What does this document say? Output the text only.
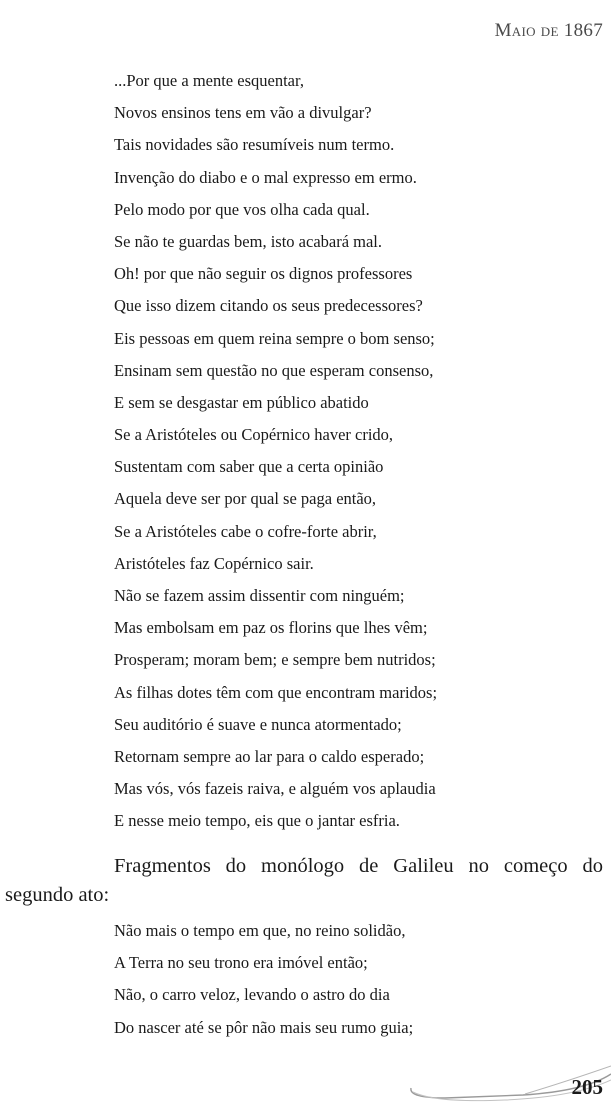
Maio de 1867
...Por que a mente esquentar,
Novos ensinos tens em vão a divulgar?
Tais novidades são resumíveis num termo.
Invenção do diabo e o mal expresso em ermo.
Pelo modo por que vos olha cada qual.
Se não te guardas bem, isto acabará mal.
Oh! por que não seguir os dignos professores
Que isso dizem citando os seus predecessores?
Eis pessoas em quem reina sempre o bom senso;
Ensinam sem questão no que esperam consenso,
E sem se desgastar em público abatido
Se a Aristóteles ou Copérnico haver crido,
Sustentam com saber que a certa opinião
Aquela deve ser por qual se paga então,
Se a Aristóteles cabe o cofre-forte abrir,
Aristóteles faz Copérnico sair.
Não se fazem assim dissentir com ninguém;
Mas embolsam em paz os florins que lhes vêm;
Prosperam; moram bem; e sempre bem nutridos;
As filhas dotes têm com que encontram maridos;
Seu auditório é suave e nunca atormentado;
Retornam sempre ao lar para o caldo esperado;
Mas vós, vós fazeis raiva, e alguém vos aplaudia
E nesse meio tempo, eis que o jantar esfria.

Fragmentos do monólogo de Galileu no começo do segundo ato:

Não mais o tempo em que, no reino solidão,
A Terra no seu trono era imóvel então;
Não, o carro veloz, levando o astro do dia
Do nascer até se pôr não mais seu rumo guia;
205
